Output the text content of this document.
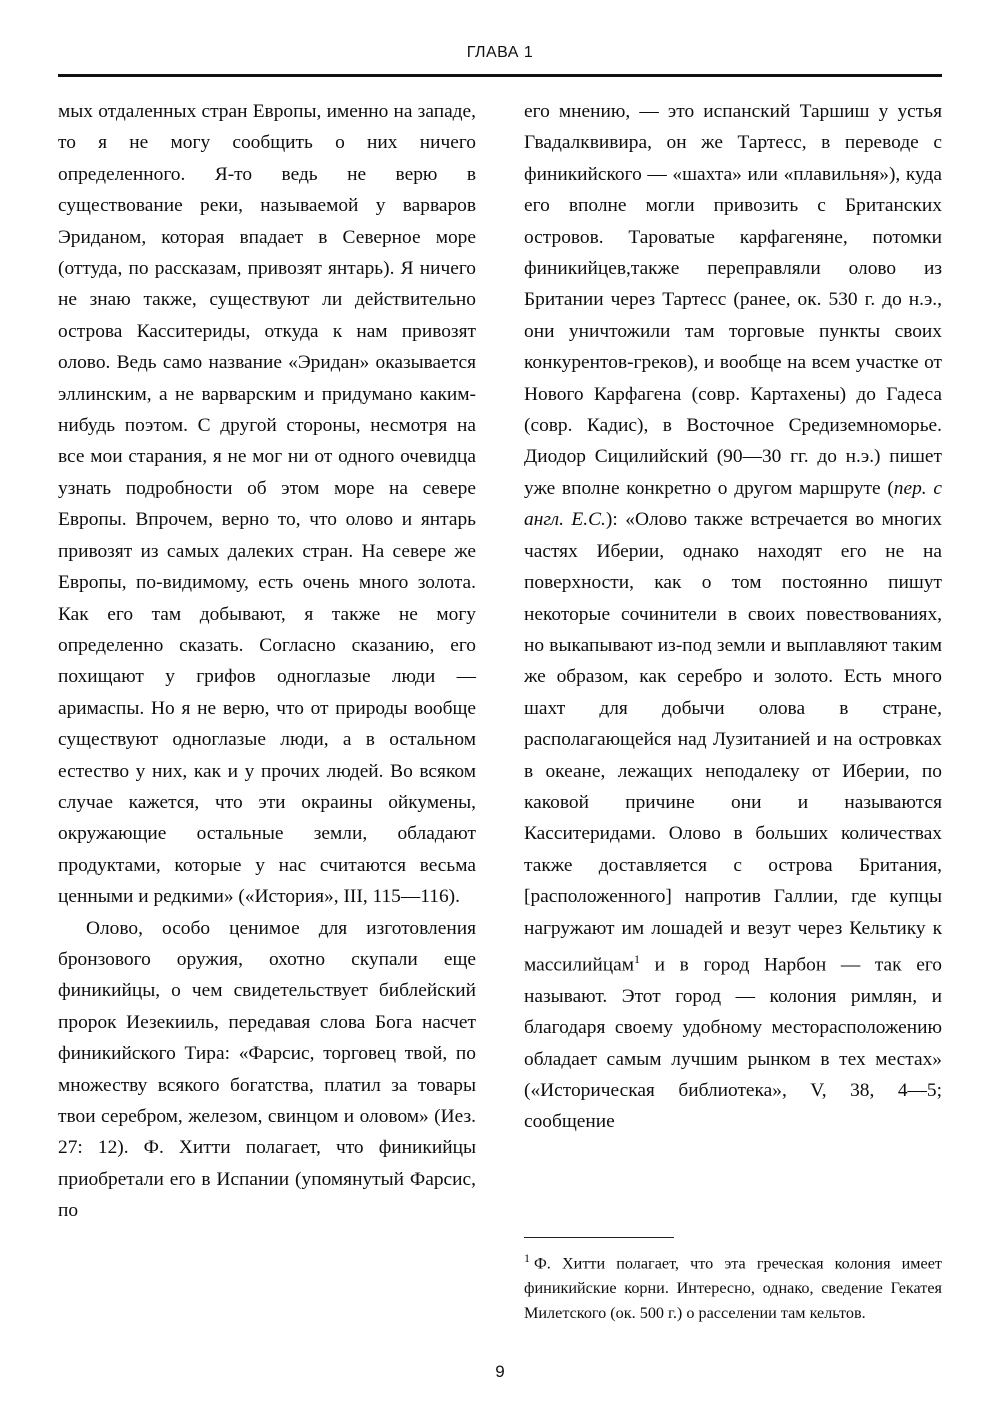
ГЛАВА 1

мых отдаленных стран Европы, именно на западе, то я не могу сообщить о них ничего определенного. Я-то ведь не верю в существование реки, называемой у варваров Эриданом, которая впадает в Северное море (оттуда, по рассказам, привозят янтарь). Я ничего не знаю также, существуют ли действительно острова Касситериды, откуда к нам привозят олово. Ведь само название «Эридан» оказывается эллинским, а не варварским и придумано каким-нибудь поэтом. С другой стороны, несмотря на все мои старания, я не мог ни от одного очевидца узнать подробности об этом море на севере Европы. Впрочем, верно то, что олово и янтарь привозят из самых далеких стран. На севере же Европы, по-видимому, есть очень много золота. Как его там добывают, я также не могу определенно сказать. Согласно сказанию, его похищают у грифов одноглазые люди — аримаспы. Но я не верю, что от природы вообще существуют одноглазые люди, а в остальном естество у них, как и у прочих людей. Во всяком случае кажется, что эти окраины ойкумены, окружающие остальные земли, обладают продуктами, которые у нас считаются весьма ценными и редкими» («История», III, 115—116).

Олово, особо ценимое для изготовления бронзового оружия, охотно скупали еще финикийцы, о чем свидетельствует библейский пророк Иезекииль, передавая слова Бога насчет финикийского Тира: «Фарсис, торговец твой, по множеству всякого богатства, платил за товары твои серебром, железом, свинцом и оловом» (Иез. 27: 12). Ф. Хитти полагает, что финикийцы приобретали его в Испании (упомянутый Фарсис, по

его мнению, — это испанский Таршиш у устья Гвадалквивира, он же Тартесс, в переводе с финикийского — «шахта» или «плавильня»), куда его вполне могли привозить с Британских островов. Тароватые карфагеняне, потомки финикийцев,также переправляли олово из Британии через Тартесс (ранее, ок. 530 г. до н.э., они уничтожили там торговые пункты своих конкурентов-греков), и вообще на всем участке от Нового Карфагена (совр. Картахены) до Гадеса (совр. Кадис), в Восточное Средиземноморье. Диодор Сицилийский (90—30 гг. до н.э.) пишет уже вполне конкретно о другом маршруте (пер. с англ. Е.С.): «Олово также встречается во многих частях Иберии, однако находят его не на поверхности, как о том постоянно пишут некоторые сочинители в своих повествованиях, но выкапывают из-под земли и выплавляют таким же образом, как серебро и золото. Есть много шахт для добычи олова в стране, располагающейся над Лузитанией и на островках в океане, лежащих неподалеку от Иберии, по каковой причине они и называются Касситеридами. Олово в больших количествах также доставляется с острова Британия, [расположенного] напротив Галлии, где купцы нагружают им лошадей и везут через Кельтику к массилийцам$^1$ и в город Нарбон — так его называют. Этот город — колония римлян, и благодаря своему удобному месторасположению обладает самым лучшим рынком в тех местах» («Историческая библиотека», V, 38, 4—5; сообщение

$^1$ Ф. Хитти полагает, что эта греческая колония имеет финикийские корни. Интересно, однако, сведение Гекатея Милетского (ок. 500 г.) о расселении там кельтов.
9
